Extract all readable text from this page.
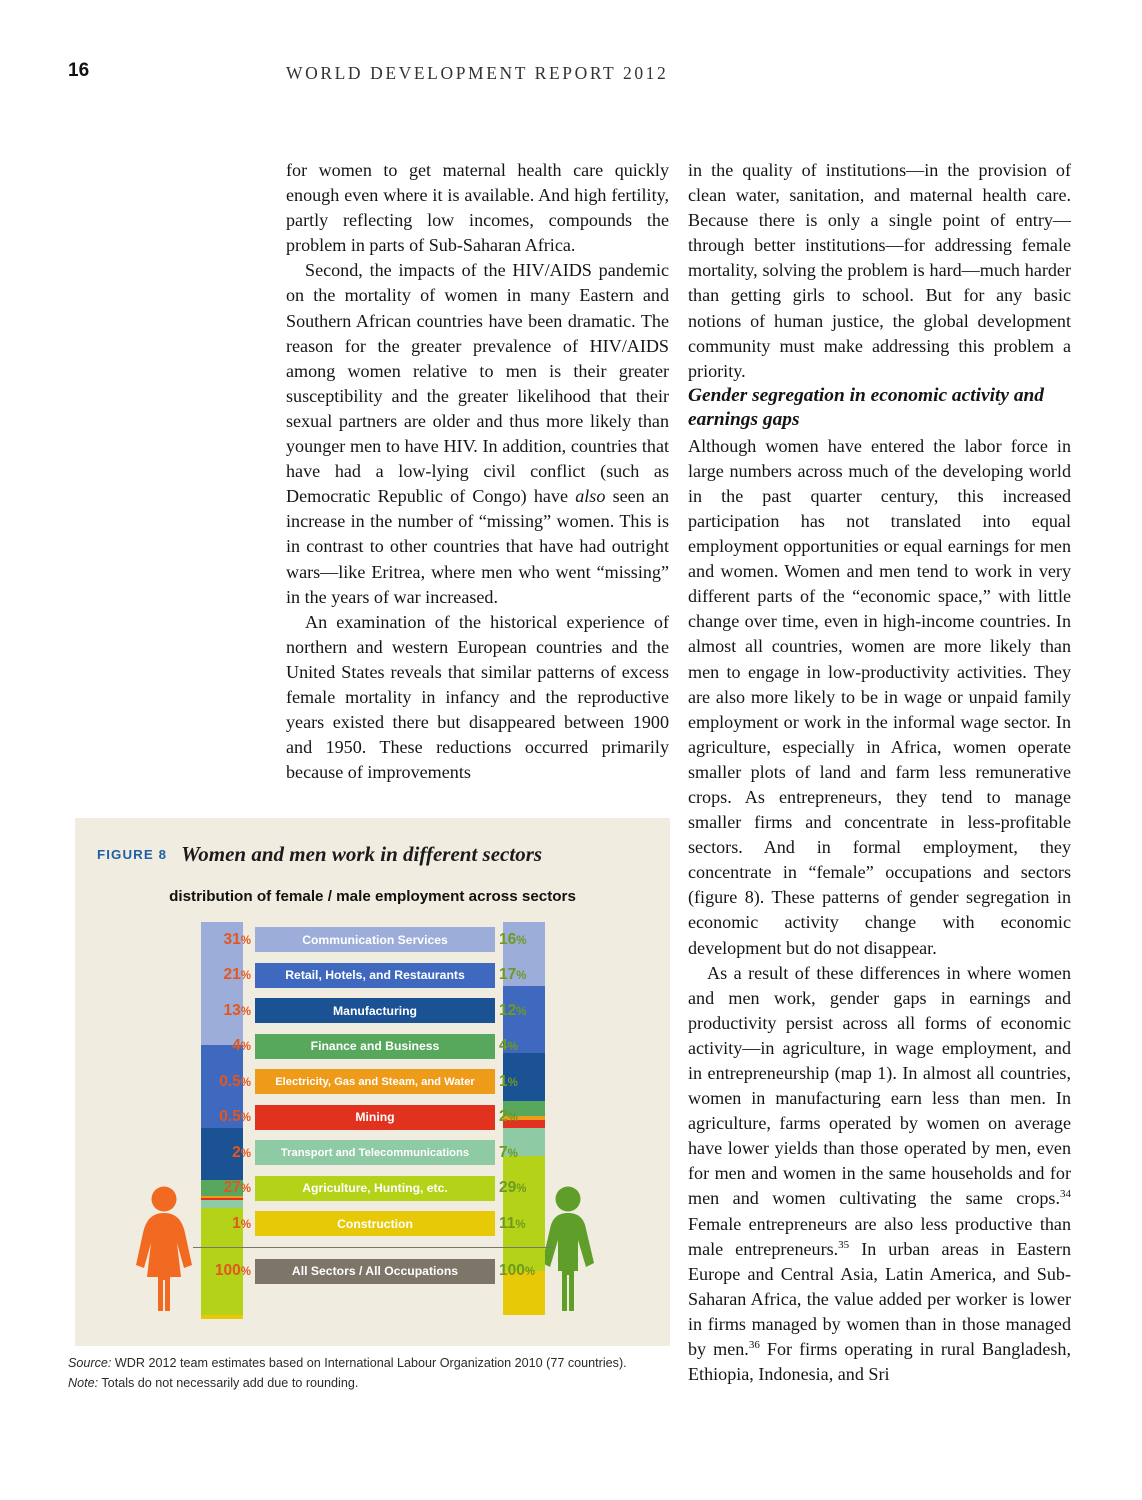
16	WORLD DEVELOPMENT REPORT 2012

for women to get maternal health care quickly enough even where it is available. And high fertility, partly reflecting low incomes, compounds the problem in parts of Sub-Saharan Africa.

Second, the impacts of the HIV/AIDS pandemic on the mortality of women in many Eastern and Southern African countries have been dramatic. The reason for the greater prevalence of HIV/AIDS among women relative to men is their greater susceptibility and the greater likelihood that their sexual partners are older and thus more likely than younger men to have HIV. In addition, countries that have had a low-lying civil conflict (such as Democratic Republic of Congo) have also seen an increase in the number of “missing” women. This is in contrast to other countries that have had outright wars—like Eritrea, where men who went “missing” in the years of war increased.

An examination of the historical experience of northern and western European countries and the United States reveals that similar patterns of excess female mortality in infancy and the reproductive years existed there but disappeared between 1900 and 1950. These reductions occurred primarily because of improvements

in the quality of institutions—in the provision of clean water, sanitation, and maternal health care. Because there is only a single point of entry—through better institutions—for addressing female mortality, solving the problem is hard—much harder than getting girls to school. But for any basic notions of human justice, the global development community must make addressing this problem a priority.

Gender segregation in economic activity and earnings gaps

Although women have entered the labor force in large numbers across much of the developing world in the past quarter century, this increased participation has not translated into equal employment opportunities or equal earnings for men and women. Women and men tend to work in very different parts of the “economic space,” with little change over time, even in high-income countries. In almost all countries, women are more likely than men to engage in low-productivity activities. They are also more likely to be in wage or unpaid family employment or work in the informal wage sector. In agriculture, especially in Africa, women operate smaller plots of land and farm less remunerative crops. As entrepreneurs, they tend to manage smaller firms and concentrate in less-profitable sectors. And in formal employment, they concentrate in “female” occupations and sectors (figure 8). These patterns of gender segregation in economic activity change with economic development but do not disappear.

As a result of these differences in where women and men work, gender gaps in earnings and productivity persist across all forms of economic activity—in agriculture, in wage employment, and in entrepreneurship (map 1). In almost all countries, women in manufacturing earn less than men. In agriculture, farms operated by women on average have lower yields than those operated by men, even for men and women in the same households and for men and women cultivating the same crops.$^{34}$ Female entrepreneurs are also less productive than male entrepreneurs.$^{35}$ In urban areas in Eastern Europe and Central Asia, Latin America, and Sub-Saharan Africa, the value added per worker is lower in firms managed by women than in those managed by men.$^{36}$ For firms operating in rural Bangladesh, Ethiopia, Indonesia, and Sri

FIGURE 8 Women and men work in different sectors
distribution of female / male employment across sectors
31%	Communication Services	16%
21%	Retail, Hotels, and Restaurants	17%
13%	Manufacturing	12%
4%	Finance and Business	4%
0.5%	Electricity, Gas and Steam, and Water	1%
0.5%	Mining	2%
2%	Transport and Telecommunications	7%
27%	Agriculture, Hunting, etc.	29%
1%	Construction	11%
100%	All Sectors / All Occupations	100%
Source: WDR 2012 team estimates based on International Labour Organization 2010 (77 countries).
Note: Totals do not necessarily add due to rounding.
